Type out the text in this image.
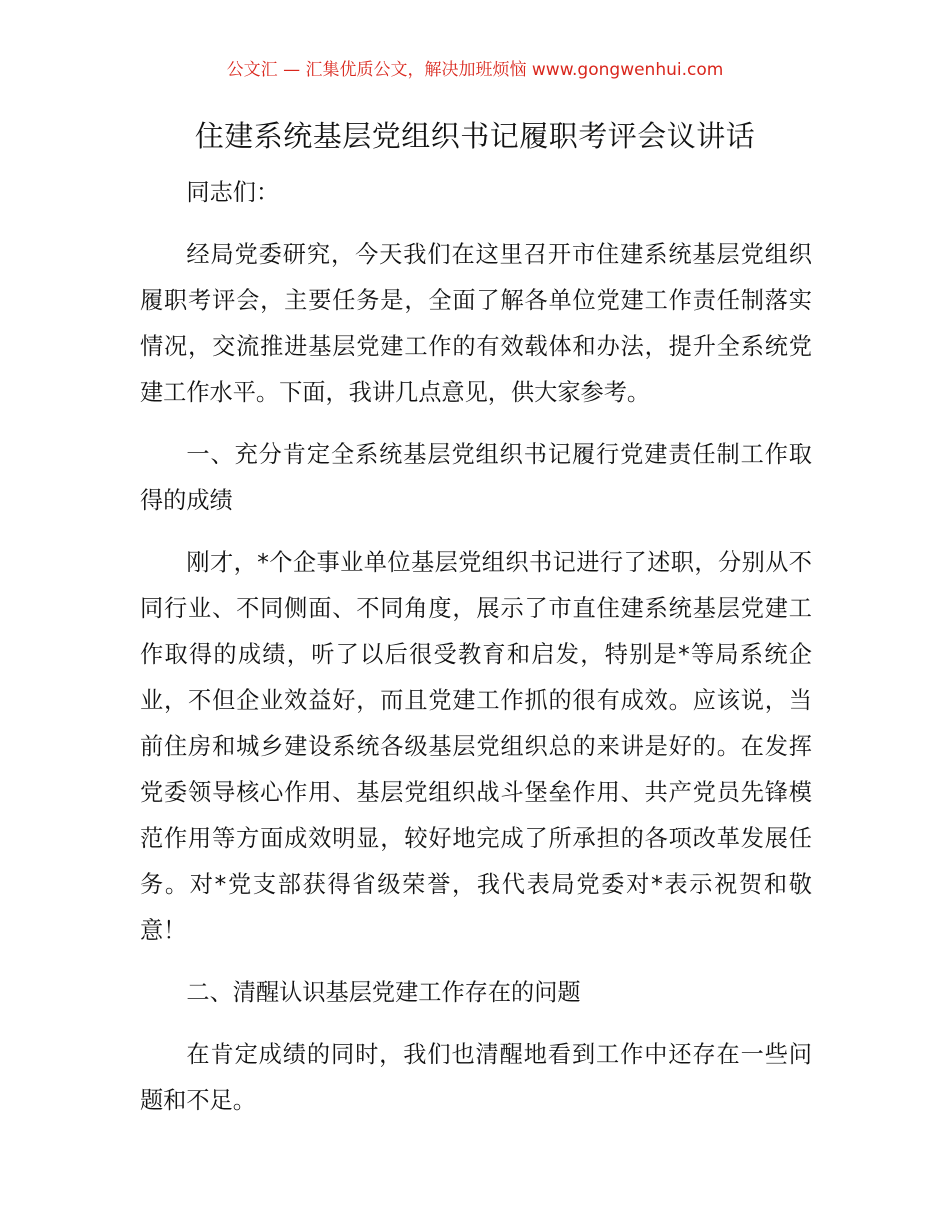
公文汇 — 汇集优质公文，解决加班烦恼 www.gongwenhui.com
住建系统基层党组织书记履职考评会议讲话

同志们：

经局党委研究，今天我们在这里召开市住建系统基层党组织履职考评会，主要任务是，全面了解各单位党建工作责任制落实情况，交流推进基层党建工作的有效载体和办法，提升全系统党建工作水平。下面，我讲几点意见，供大家参考。

一、充分肯定全系统基层党组织书记履行党建责任制工作取得的成绩

刚才，*个企事业单位基层党组织书记进行了述职，分别从不同行业、不同侧面、不同角度，展示了市直住建系统基层党建工作取得的成绩，听了以后很受教育和启发，特别是*等局系统企业，不但企业效益好，而且党建工作抓的很有成效。应该说，当前住房和城乡建设系统各级基层党组织总的来讲是好的。在发挥党委领导核心作用、基层党组织战斗堡垒作用、共产党员先锋模范作用等方面成效明显，较好地完成了所承担的各项改革发展任务。对*党支部获得省级荣誉，我代表局党委对*表示祝贺和敬意！

二、清醒认识基层党建工作存在的问题

在肯定成绩的同时，我们也清醒地看到工作中还存在一些问题和不足。
